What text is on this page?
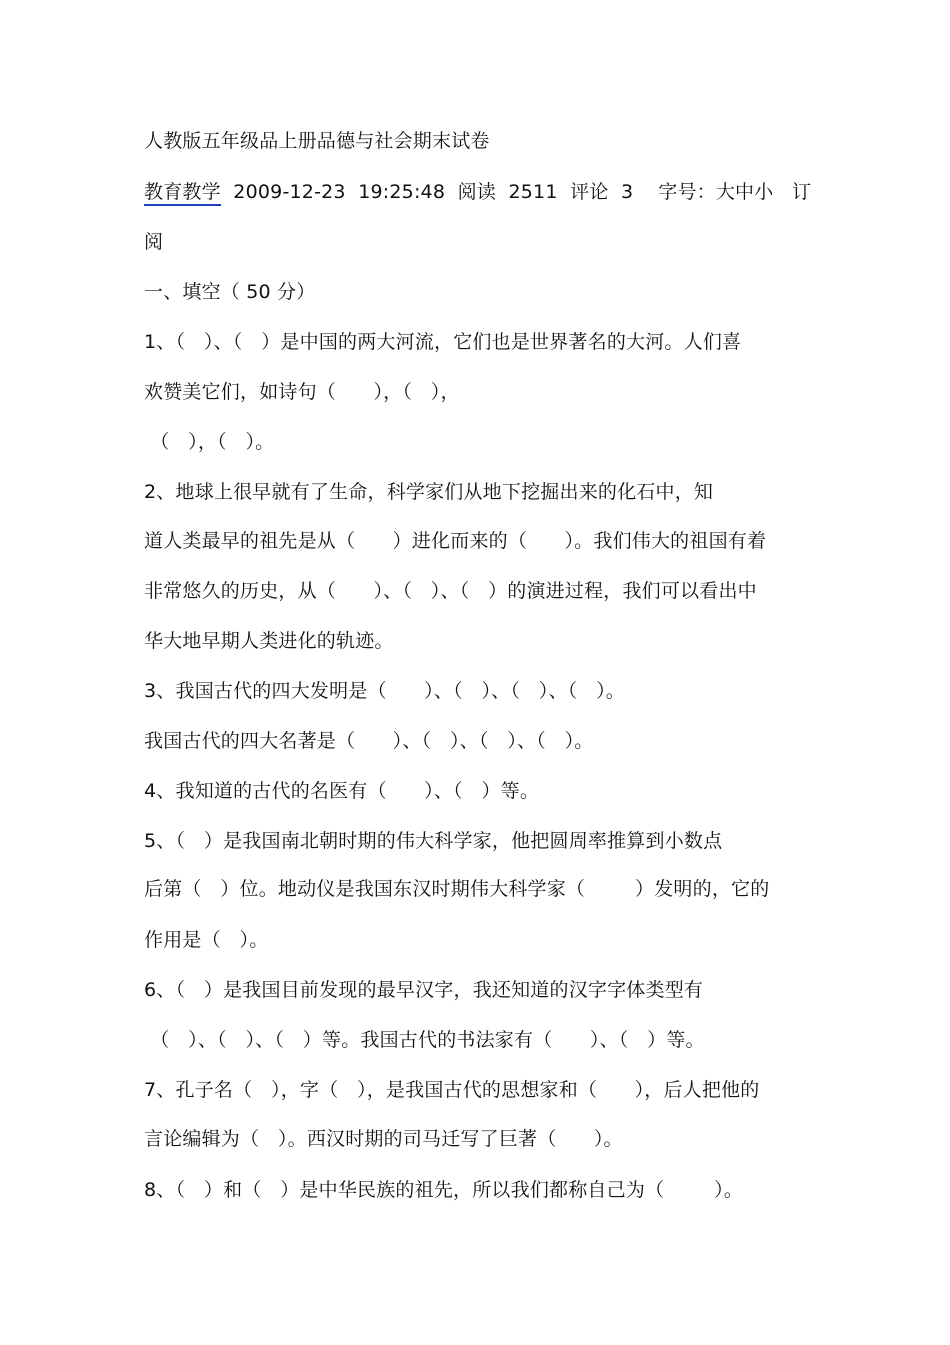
人教版五年级品上册品德与社会期末试卷
教育教学  2009-12-23  19:25:48  阅读  2511  评论  3    字号：大中小   订
阅
一、填空（ 50 分）
1、（   ）、（   ）是中国的两大河流，它们也是世界著名的大河。人们喜
欢赞美它们，如诗句（      ），（   ），
（   ），（   ）。
2、地球上很早就有了生命，科学家们从地下挖掘出来的化石中，知
道人类最早的祖先是从（      ）进化而来的（      ）。我们伟大的祖国有着
非常悠久的历史，从（      ）、（   ）、（   ）的演进过程，我们可以看出中
华大地早期人类进化的轨迹。
3、我国古代的四大发明是（      ）、（   ）、（   ）、（   ）。
我国古代的四大名著是（      ）、（   ）、（   ）、（   ）。
4、我知道的古代的名医有（      ）、（   ）等。
5、（   ）是我国南北朝时期的伟大科学家，他把圆周率推算到小数点
后第（   ）位。地动仪是我国东汉时期伟大科学家（        ）发明的，它的
作用是（   ）。
6、（   ）是我国目前发现的最早汉字，我还知道的汉字字体类型有
（   ）、（   ）、（   ）等。我国古代的书法家有（      ）、（   ）等。
7、孔子名（   ），字（   ），是我国古代的思想家和（      ），后人把他的
言论编辑为（   ）。西汉时期的司马迁写了巨著（      ）。
8、（   ）和（   ）是中华民族的祖先，所以我们都称自己为（        ）。
